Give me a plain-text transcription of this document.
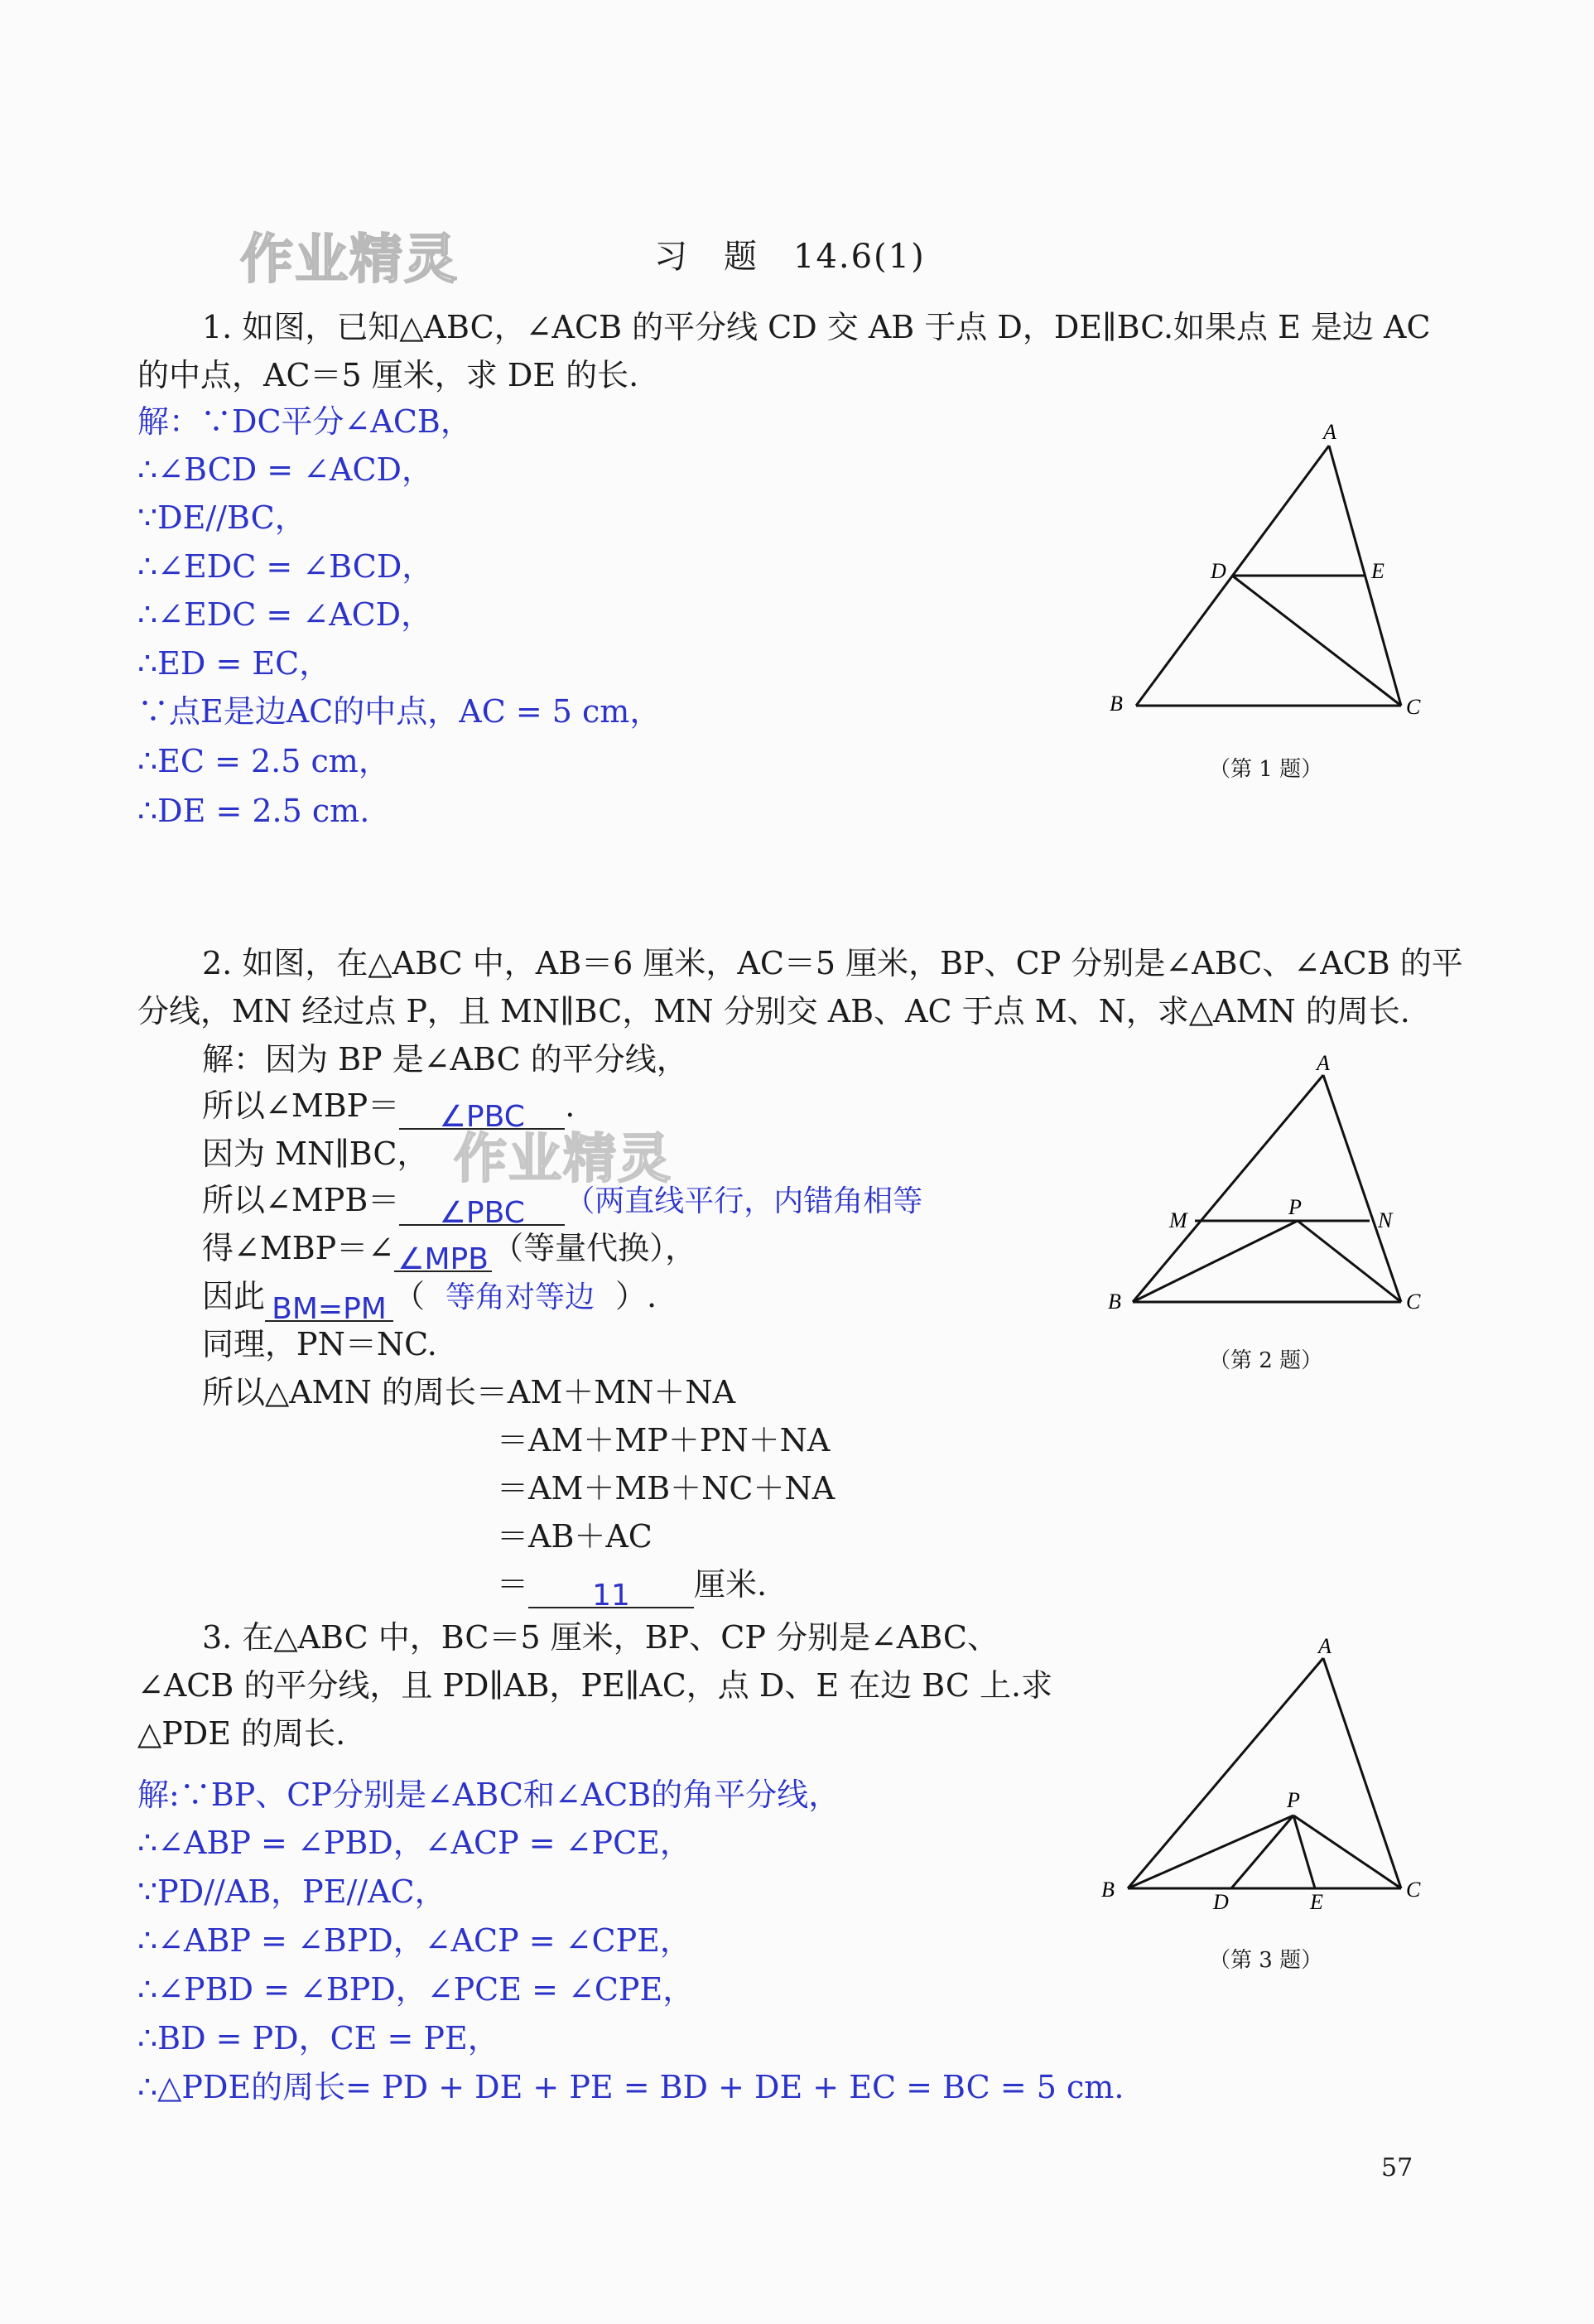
作业精灵
作业精灵
习　题　14.6(1)
1. 如图，已知△ABC，∠ACB 的平分线 CD 交 AB 于点 D，DE∥BC.如果点 E 是边 AC
的中点，AC＝5 厘米，求 DE 的长.
解：∵DC平分∠ACB，
∴∠BCD = ∠ACD，
∵DE//BC，
∴∠EDC = ∠BCD，
∴∠EDC = ∠ACD，
∴ED = EC，
∵点E是边AC的中点，AC = 5 cm，
∴EC = 2.5 cm，
∴DE = 2.5 cm.
A
D	E
B	C
（第 1 题）
2. 如图，在△ABC 中，AB＝6 厘米，AC＝5 厘米，BP、CP 分别是∠ABC、∠ACB 的平
分线，MN 经过点 P，且 MN∥BC，MN 分别交 AB、AC 于点 M、N，求△AMN 的周长.
解：因为 BP 是∠ABC 的平分线，
所以∠MBP＝ ∠PBC .
因为 MN∥BC，
所以∠MPB＝ ∠PBC （两直线平行，内错角相等
得∠MBP＝∠ ∠MPB （等量代换），
因此 BM=PM （ 等角对等边 ）.
同理，PN＝NC.
所以△AMN 的周长＝AM＋MN＋NA
＝AM＋MP＋PN＋NA
＝AM＋MB＋NC＋NA
＝AB＋AC
＝ 11 厘米.
A
M
P
N
B	C
（第 2 题）
3. 在△ABC 中，BC＝5 厘米，BP、CP 分别是∠ABC、
∠ACB 的平分线，且 PD∥AB，PE∥AC，点 D、E 在边 BC 上.求
△PDE 的周长.
解:∵BP、CP分别是∠ABC和∠ACB的角平分线，
∴∠ABP = ∠PBD，∠ACP = ∠PCE，
∵PD//AB，PE//AC，
∴∠ABP = ∠BPD，∠ACP = ∠CPE，
∴∠PBD = ∠BPD，∠PCE = ∠CPE，
∴BD = PD，CE = PE，
∴△PDE的周长= PD + DE + PE = BD + DE + EC = BC = 5 cm.
A
P
B
D	E
C
（第 3 题）
57
